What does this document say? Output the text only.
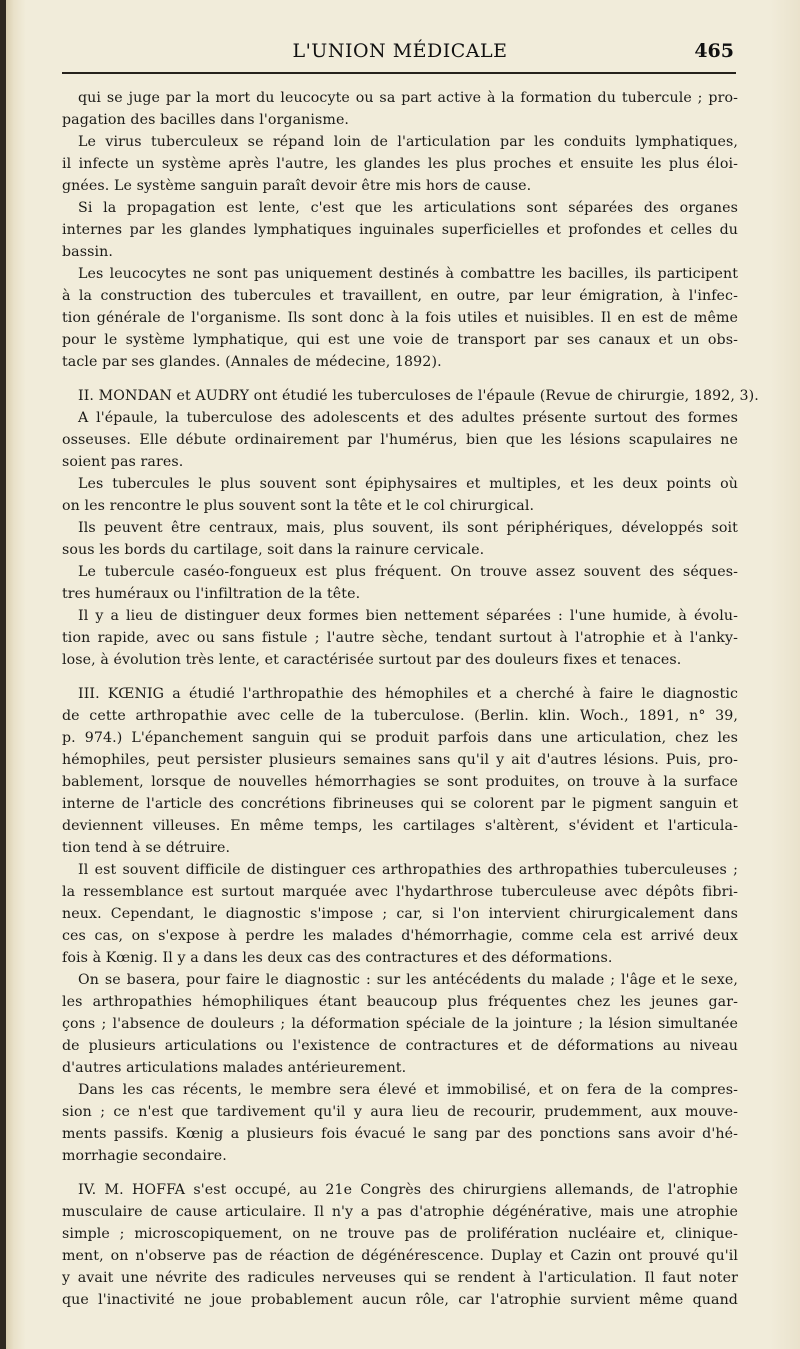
L'UNION MÉDICALE	465
qui se juge par la mort du leucocyte ou sa part active à la formation du tubercule ; pro-
pagation des bacilles dans l'organisme.
Le virus tuberculeux se répand loin de l'articulation par les conduits lymphatiques,
il infecte un système après l'autre, les glandes les plus proches et ensuite les plus éloi-
gnées. Le système sanguin paraît devoir être mis hors de cause.
Si la propagation est lente, c'est que les articulations sont séparées des organes
internes par les glandes lymphatiques inguinales superficielles et profondes et celles du
bassin.
Les leucocytes ne sont pas uniquement destinés à combattre les bacilles, ils participent
à la construction des tubercules et travaillent, en outre, par leur émigration, à l'infec-
tion générale de l'organisme. Ils sont donc à la fois utiles et nuisibles. Il en est de même
pour le système lymphatique, qui est une voie de transport par ses canaux et un obs-
tacle par ses glandes. (Annales de médecine, 1892).
II. MONDAN et AUDRY ont étudié les tuberculoses de l'épaule (Revue de chirurgie, 1892, 3).
A l'épaule, la tuberculose des adolescents et des adultes présente surtout des formes
osseuses. Elle débute ordinairement par l'humérus, bien que les lésions scapulaires ne
soient pas rares.
Les tubercules le plus souvent sont épiphysaires et multiples, et les deux points où
on les rencontre le plus souvent sont la tête et le col chirurgical.
Ils peuvent être centraux, mais, plus souvent, ils sont périphériques, développés soit
sous les bords du cartilage, soit dans la rainure cervicale.
Le tubercule caséo-fongueux est plus fréquent. On trouve assez souvent des séques-
tres huméraux ou l'infiltration de la tête.
Il y a lieu de distinguer deux formes bien nettement séparées : l'une humide, à évolu-
tion rapide, avec ou sans fistule ; l'autre sèche, tendant surtout à l'atrophie et à l'anky-
lose, à évolution très lente, et caractérisée surtout par des douleurs fixes et tenaces.
III. KŒNIG a étudié l'arthropathie des hémophiles et a cherché à faire le diagnostic
de cette arthropathie avec celle de la tuberculose. (Berlin. klin. Woch., 1891, n° 39,
p. 974.) L'épanchement sanguin qui se produit parfois dans une articulation, chez les
hémophiles, peut persister plusieurs semaines sans qu'il y ait d'autres lésions. Puis, pro-
bablement, lorsque de nouvelles hémorrhagies se sont produites, on trouve à la surface
interne de l'article des concrétions fibrineuses qui se colorent par le pigment sanguin et
deviennent villeuses. En même temps, les cartilages s'altèrent, s'évident et l'articula-
tion tend à se détruire.
Il est souvent difficile de distinguer ces arthropathies des arthropathies tuberculeuses ;
la ressemblance est surtout marquée avec l'hydarthrose tuberculeuse avec dépôts fibri-
neux. Cependant, le diagnostic s'impose ; car, si l'on intervient chirurgicalement dans
ces cas, on s'expose à perdre les malades d'hémorrhagie, comme cela est arrivé deux
fois à Kœnig. Il y a dans les deux cas des contractures et des déformations.
On se basera, pour faire le diagnostic : sur les antécédents du malade ; l'âge et le sexe,
les arthropathies hémophiliques étant beaucoup plus fréquentes chez les jeunes gar-
çons ; l'absence de douleurs ; la déformation spéciale de la jointure ; la lésion simultanée
de plusieurs articulations ou l'existence de contractures et de déformations au niveau
d'autres articulations malades antérieurement.
Dans les cas récents, le membre sera élevé et immobilisé, et on fera de la compres-
sion ; ce n'est que tardivement qu'il y aura lieu de recourir, prudemment, aux mouve-
ments passifs. Kœnig a plusieurs fois évacué le sang par des ponctions sans avoir d'hé-
morrhagie secondaire.
IV. M. HOFFA s'est occupé, au 21e Congrès des chirurgiens allemands, de l'atrophie
musculaire de cause articulaire. Il n'y a pas d'atrophie dégénérative, mais une atrophie
simple ; microscopiquement, on ne trouve pas de prolifération nucléaire et, clinique-
ment, on n'observe pas de réaction de dégénérescence. Duplay et Cazin ont prouvé qu'il
y avait une névrite des radicules nerveuses qui se rendent à l'articulation. Il faut noter
que l'inactivité ne joue probablement aucun rôle, car l'atrophie survient même quand
